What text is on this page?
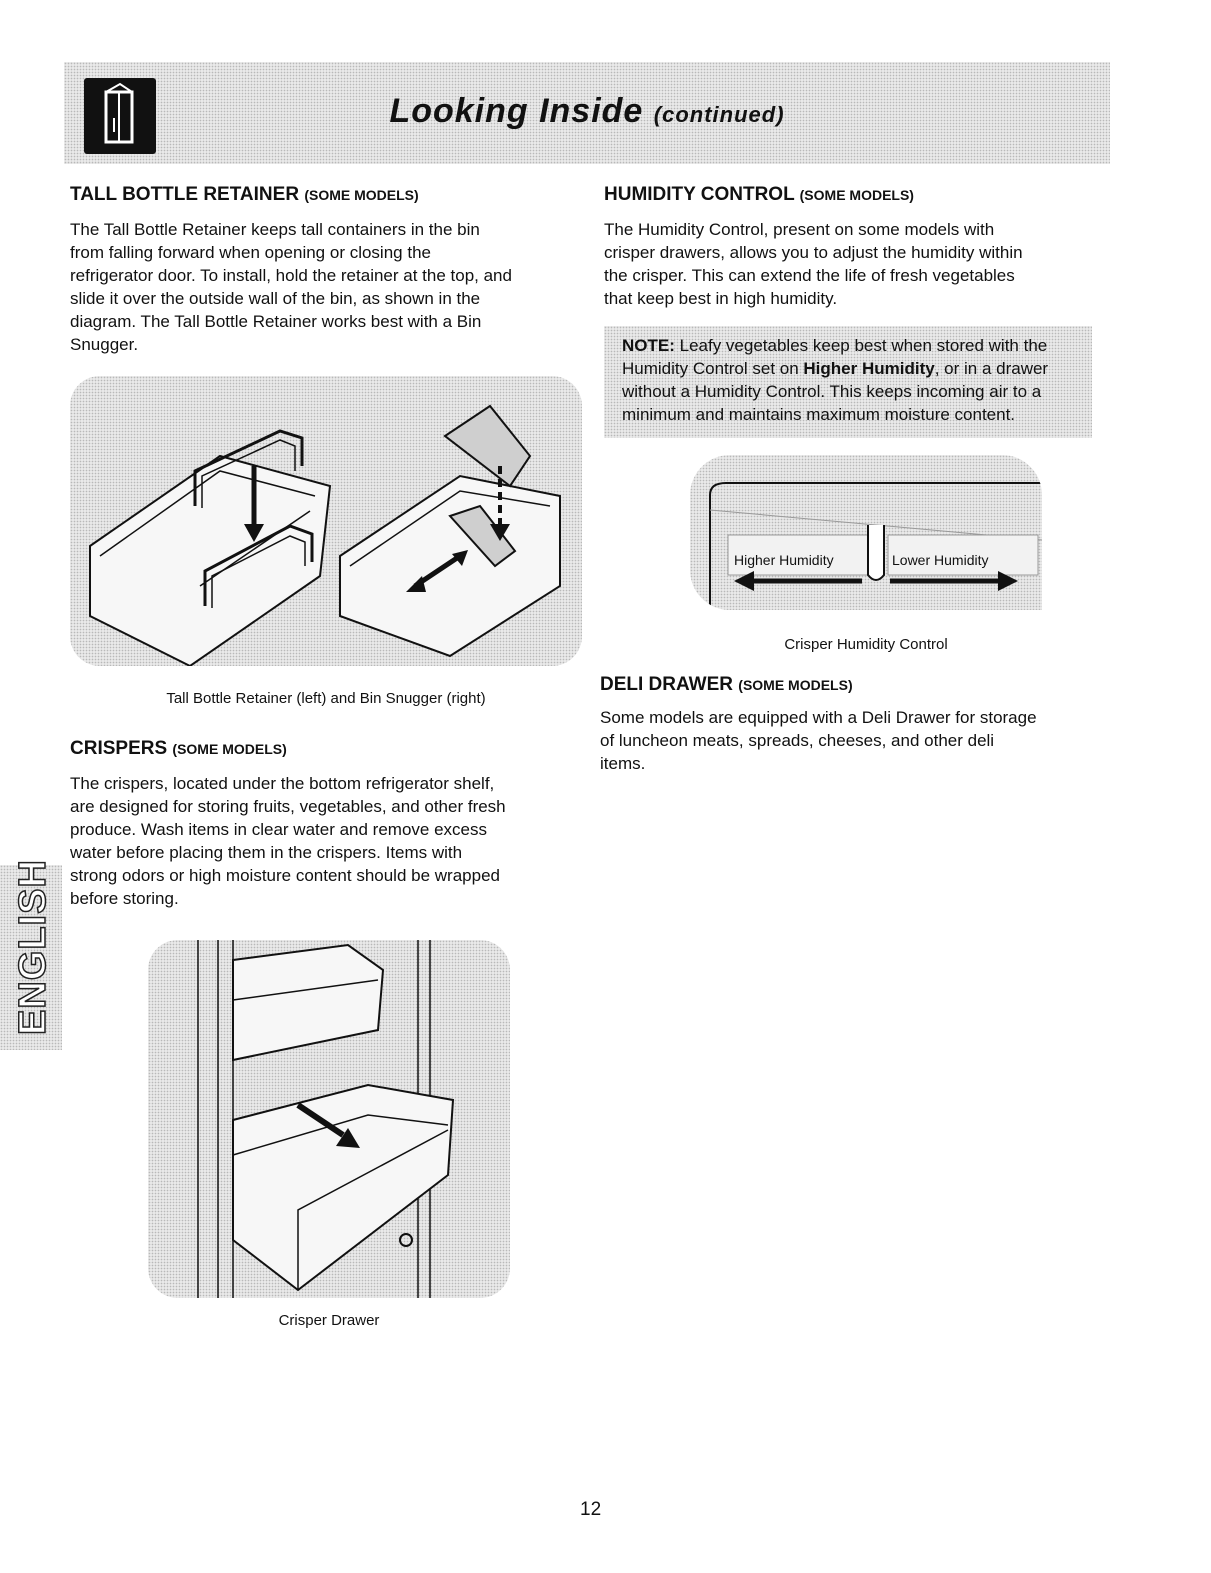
Looking Inside (continued)
TALL BOTTLE RETAINER (SOME MODELS)

The Tall Bottle Retainer keeps tall containers in the bin
from falling forward when opening or closing the
refrigerator door. To install, hold the retainer at the top, and
slide it over the outside wall of the bin, as shown in the
diagram. The Tall Bottle Retainer works best with a Bin
Snugger.

Tall Bottle Retainer (left) and Bin Snugger (right)
CRISPERS (SOME MODELS)

The crispers, located under the bottom refrigerator shelf,
are designed for storing fruits, vegetables, and other fresh
produce. Wash items in clear water and remove excess
water before placing them in the crispers. Items with
strong odors or high moisture content should be wrapped
before storing.

Crisper Drawer
HUMIDITY CONTROL (SOME MODELS)

The Humidity Control, present on some models with
crisper drawers, allows you to adjust the humidity within
the crisper. This can extend the life of fresh vegetables
that keep best in high humidity.

NOTE: Leafy vegetables keep best when stored with the Humidity Control set on Higher Humidity, or in a drawer without a Humidity Control. This keeps incoming air to a minimum and maintains maximum moisture content.

Higher Humidity	Lower Humidity
Crisper Humidity Control
DELI DRAWER (SOME MODELS)

Some models are equipped with a Deli Drawer for storage
of luncheon meats, spreads, cheeses, and other deli
items.

ENGLISH
12
